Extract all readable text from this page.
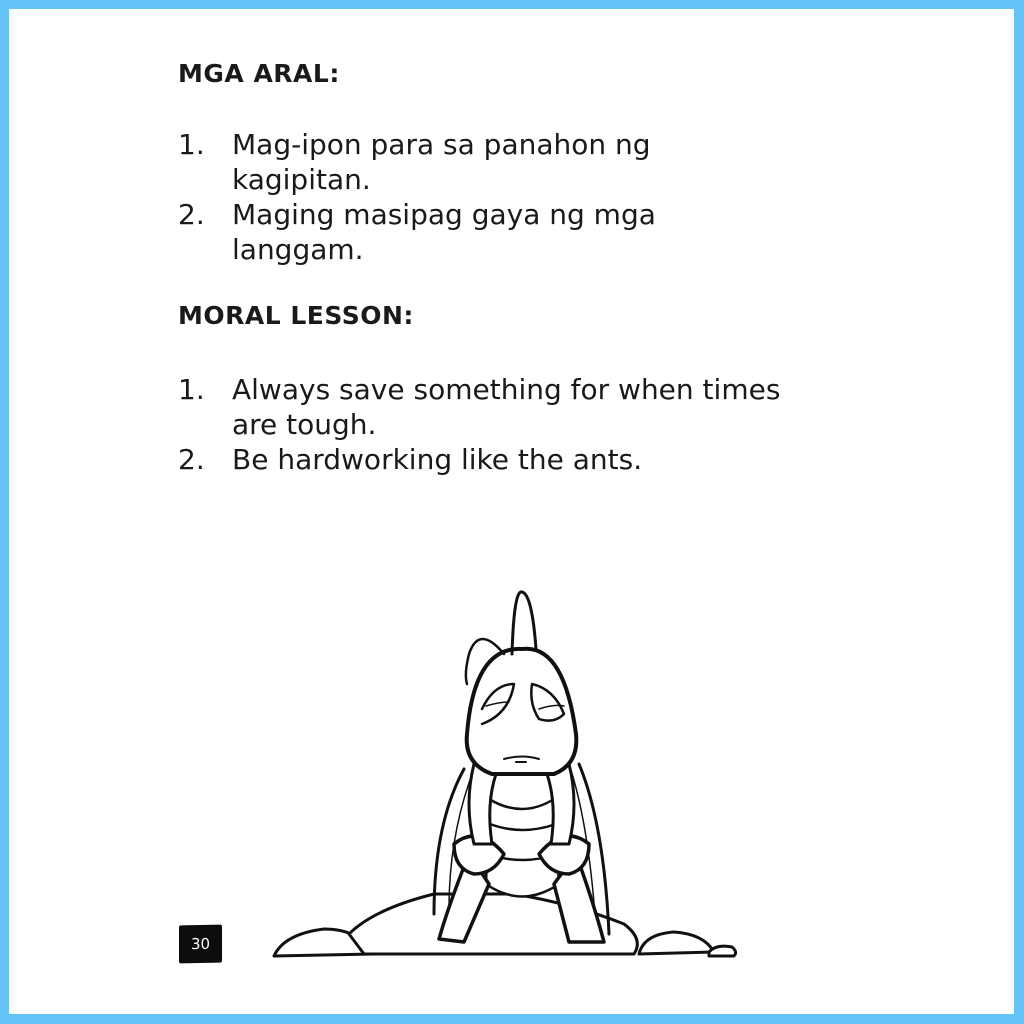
MGA ARAL:
1. Mag-ipon para sa panahon ng kagipitan.
2. Maging masipag gaya ng mga langgam.
MORAL LESSON:
1. Always save something for when times are tough.
2. Be hardworking like the ants.
30
